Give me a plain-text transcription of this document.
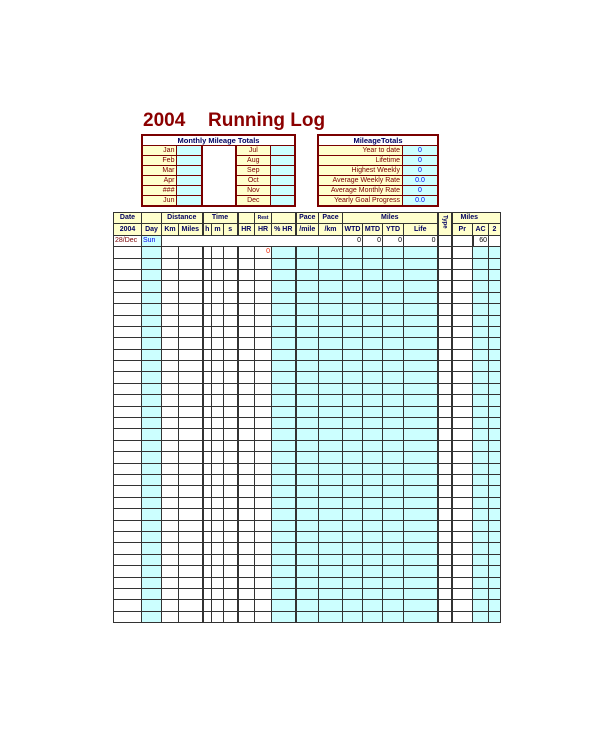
2004 Running Log
Monthly Mileage Totals				
Jan			Jul	
Feb			Aug	
Mar			Sep	
Apr			Oct	
###			Nov	
Jun			Dec	
MileageTotals	
Year to date	0
Lifetime	0
Highest Weekly	0
Average Weekly Rate	0.0
Average Monthly Rate	0
Yearly Goal Progress	0.0
Date		Distance		Time				Rest		Pace	Pace	Miles				Type	Miles		
2004	Day	Km	Miles	h	m	s	HR	HR	% HR	/mile	/km	WTD	MTD	YTD	Life		Pr	AC	2
28/Dec	Sun											0	0	0	0			60	
								0											
